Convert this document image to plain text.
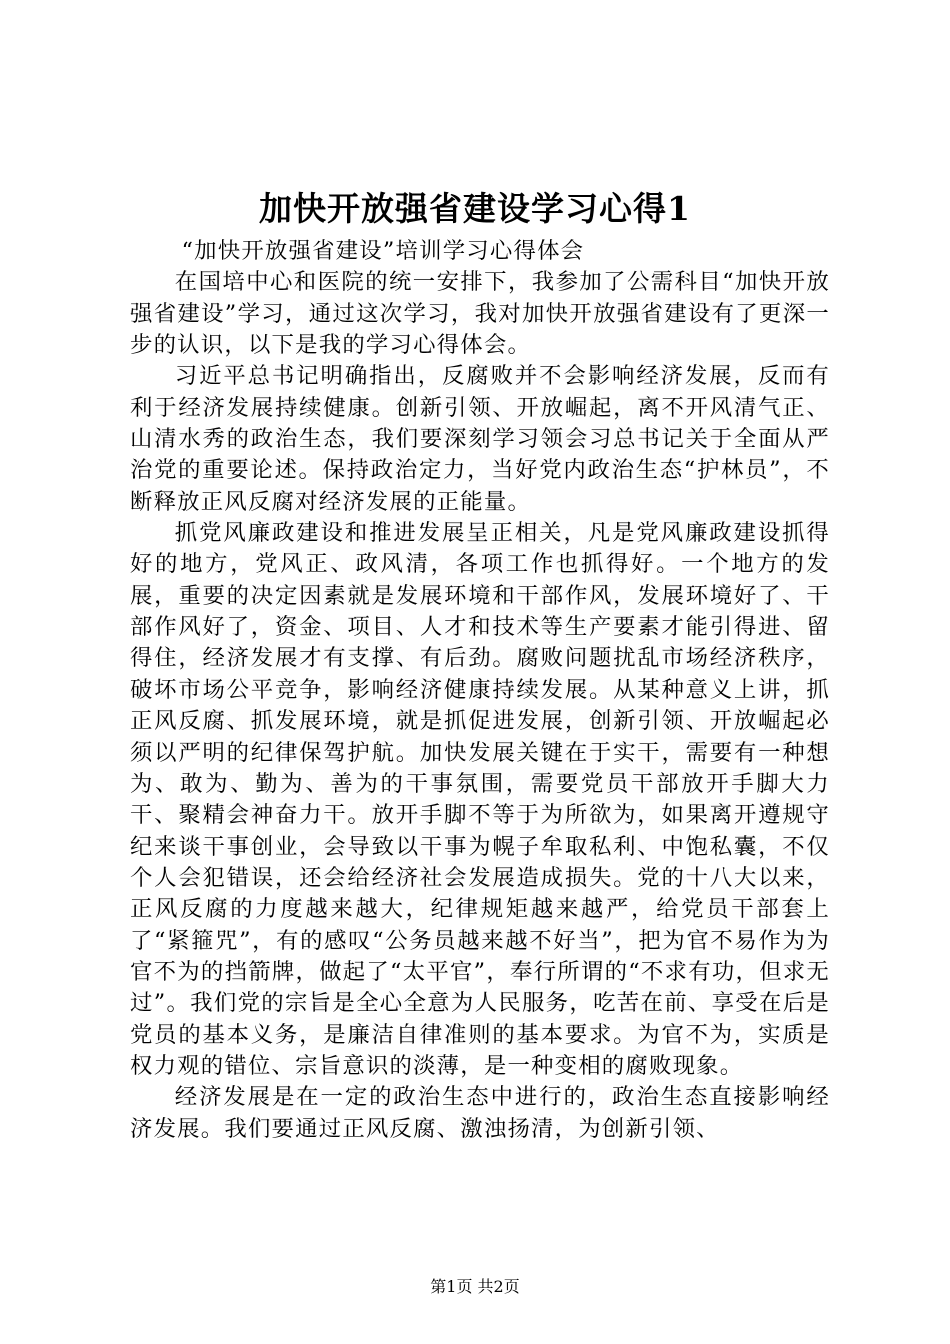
加快开放强省建设学习心得1

“加快开放强省建设”培训学习心得体会

在国培中心和医院的统一安排下，我参加了公需科目“加快开放强省建设”学习，通过这次学习，我对加快开放强省建设有了更深一步的认识，以下是我的学习心得体会。

习近平总书记明确指出，反腐败并不会影响经济发展，反而有利于经济发展持续健康。创新引领、开放崛起，离不开风清气正、山清水秀的政治生态，我们要深刻学习领会习总书记关于全面从严治党的重要论述。保持政治定力，当好党内政治生态“护林员”，不断释放正风反腐对经济发展的正能量。

抓党风廉政建设和推进发展呈正相关，凡是党风廉政建设抓得好的地方，党风正、政风清，各项工作也抓得好。一个地方的发展，重要的决定因素就是发展环境和干部作风，发展环境好了、干部作风好了，资金、项目、人才和技术等生产要素才能引得进、留得住，经济发展才有支撑、有后劲。腐败问题扰乱市场经济秩序，破坏市场公平竞争，影响经济健康持续发展。从某种意义上讲，抓正风反腐、抓发展环境，就是抓促进发展，创新引领、开放崛起必须以严明的纪律保驾护航。加快发展关键在于实干，需要有一种想为、敢为、勤为、善为的干事氛围，需要党员干部放开手脚大力干、聚精会神奋力干。放开手脚不等于为所欲为，如果离开遵规守纪来谈干事创业，会导致以干事为幌子牟取私利、中饱私囊，不仅个人会犯错误，还会给经济社会发展造成损失。党的十八大以来，正风反腐的力度越来越大，纪律规矩越来越严，给党员干部套上了“紧箍咒”，有的感叹“公务员越来越不好当”，把为官不易作为为官不为的挡箭牌，做起了“太平官”，奉行所谓的“不求有功，但求无过”。我们党的宗旨是全心全意为人民服务，吃苦在前、享受在后是党员的基本义务，是廉洁自律准则的基本要求。为官不为，实质是权力观的错位、宗旨意识的淡薄，是一种变相的腐败现象。

经济发展是在一定的政治生态中进行的，政治生态直接影响经济发展。我们要通过正风反腐、激浊扬清，为创新引领、

第1页 共2页
